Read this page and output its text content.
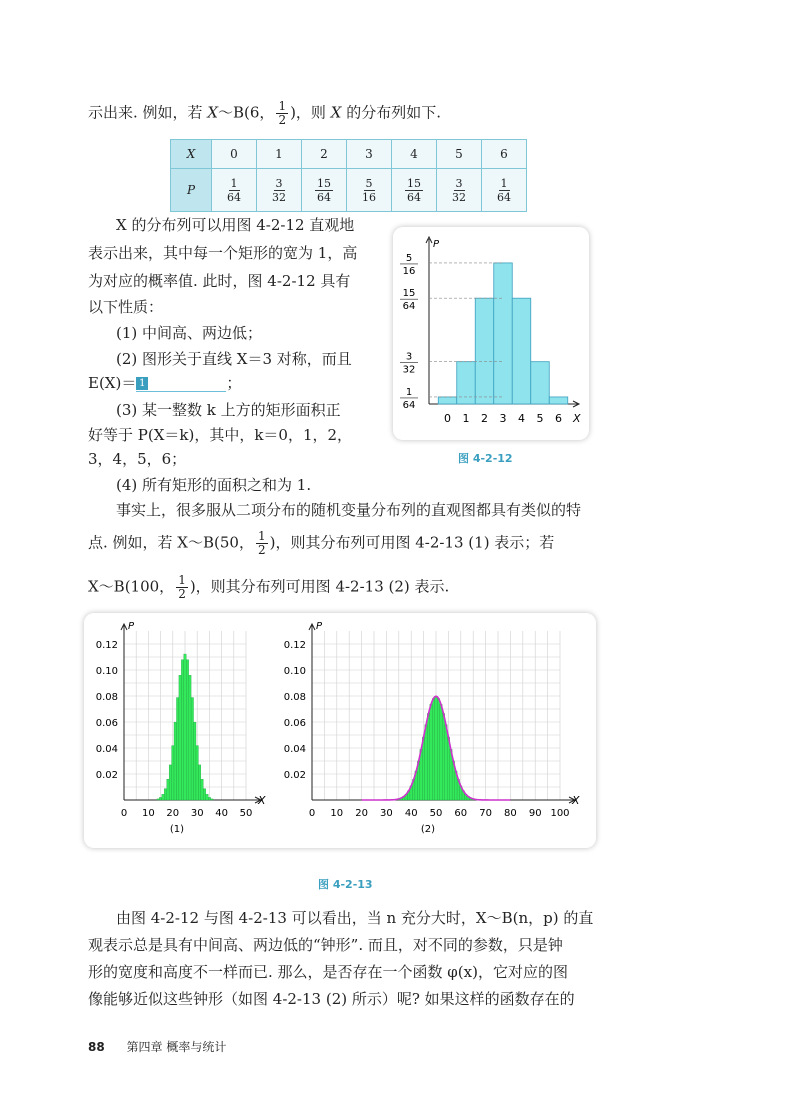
示出来. 例如，若 X～B(6， $\frac{1}{2}$ )，则 X 的分布列如下.
X	0	1	2	3	4	5	6
P	$\frac{1}{64}$	$\frac{3}{32}$	$\frac{15}{64}$	$\frac{5}{16}$	$\frac{15}{64}$	$\frac{3}{32}$	$\frac{1}{64}$
X 的分布列可以用图 4-2-12 直观地
表示出来，其中每一个矩形的宽为 1，高
为对应的概率值. 此时，图 4-2-12 具有
以下性质：
(1) 中间高、两边低；
(2) 图形关于直线 X＝3 对称，而且
E(X)＝ 1	；
(3) 某一整数 k 上方的矩形面积正
好等于 P(X＝k)，其中，k＝0，1，2，
3，4，5，6；
(4) 所有矩形的面积之和为 1.
P
X
1
64
3
32
15
64
5
16
0 1 2 3 4 5 6
图 4-2-12
事实上，很多服从二项分布的随机变量分布列的直观图都具有类似的特
点. 例如，若 X～B(50， $\frac{1}{2}$ )，则其分布列可用图 4-2-13 (1) 表示；若
X～B(100， $\frac{1}{2}$ )，则其分布列可用图 4-2-13 (2) 表示.
P
X
0.02
0.04
0.06
0.08
0.10
0.12
0 10 20 30 40 50
(1)
P
X
0.02
0.04
0.06
0.08
0.10
0.12
0 10 20 30 40 50 60 70 80 90 100
(2)
图 4-2-13
由图 4-2-12 与图 4-2-13 可以看出，当 n 充分大时，X～B(n，p) 的直
观表示总是具有中间高、两边低的“钟形”. 而且，对不同的参数，只是钟
形的宽度和高度不一样而已. 那么，是否存在一个函数 φ(x)，它对应的图
像能够近似这些钟形（如图 4-2-13 (2) 所示）呢? 如果这样的函数存在的
88 第四章 概率与统计
